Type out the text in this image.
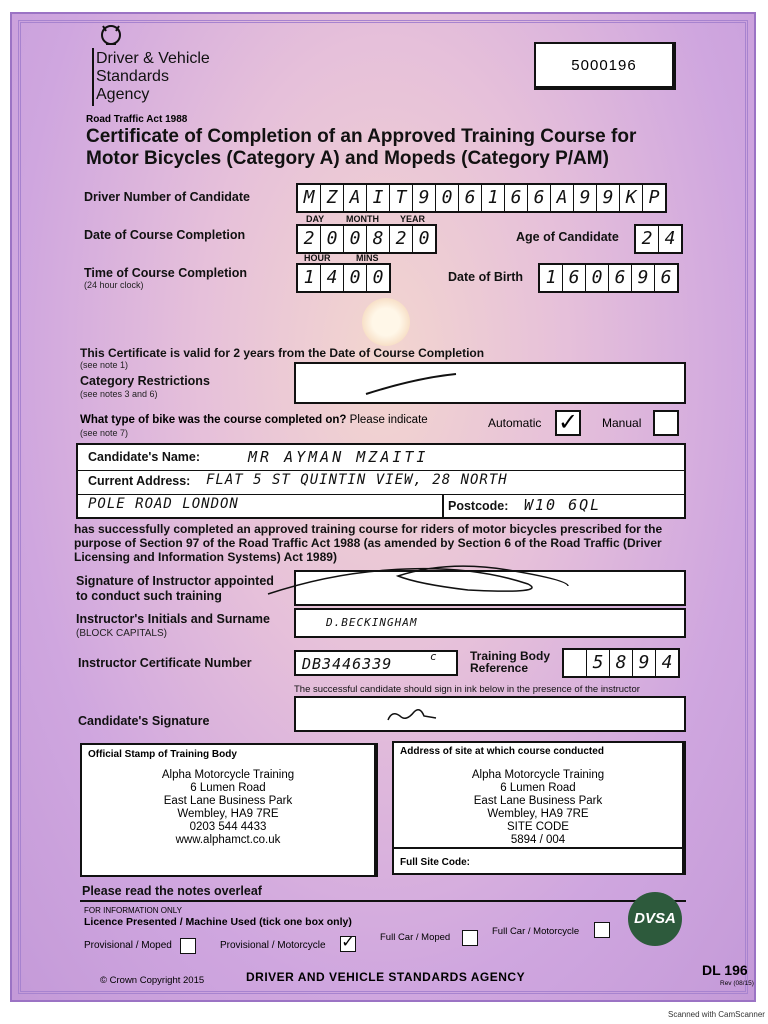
Driver & Vehicle
Standards
Agency
5000196
Road Traffic Act 1988
Certificate of Completion of an Approved Training Course for
Motor Bicycles (Category A) and Mopeds (Category P/AM)
Driver Number of Candidate	M Z A I T 9 0 6 1 6 6 A 9 9 K P
DAY MONTH YEAR
Date of Course Completion	2 0 0 8 2 0	Age of Candidate	2 4
HOUR	MINS
Time of Course Completion
(24 hour clock)	1 4 0 0	Date of Birth	1 6 0 6 9 6
This Certificate is valid for 2 years from the Date of Course Completion
(see note 1)
Category Restrictions
(see notes 3 and 6)
What type of bike was the course completed on? Please indicate
(see note 7)
Automatic ✓ Manual
Candidate's Name:	MR AYMAN MZAITI
Current Address: FLAT 5 ST QUINTIN VIEW, 28 NORTH
POLE ROAD LONDON	Postcode: W10 6QL
has successfully completed an approved training course for riders of motor bicycles prescribed for the purpose of Section 97 of the Road Traffic Act 1988 (as amended by Section 6 of the Road Traffic (Driver Licensing and Information Systems) Act 1989)
Signature of Instructor appointed
to conduct such training
Instructor's Initials and Surname
(BLOCK CAPITALS)
D.BECKINGHAM
Instructor Certificate Number	DB3446339	c	Training Body
Reference	5 8 9 4
The successful candidate should sign in ink below in the presence of the instructor
Candidate's Signature
Official Stamp of Training Body
Alpha Motorcycle Training
6 Lumen Road
East Lane Business Park
Wembley, HA9 7RE
0203 544 4433
www.alphamct.co.uk
Address of site at which course conducted
Alpha Motorcycle Training
6 Lumen Road
East Lane Business Park
Wembley, HA9 7RE
SITE CODE
5894 / 004
Full Site Code:
Please read the notes overleaf
FOR INFORMATION ONLY
Licence Presented / Machine Used (tick one box only)
Provisional / Moped	Provisional / Motorcycle ✓	Full Car / Moped
Full Car / Motorcycle
DVSA
© Crown Copyright 2015	DRIVER AND VEHICLE STANDARDS AGENCY	DL 196
Rev (08/15)
Scanned with CamScanner
